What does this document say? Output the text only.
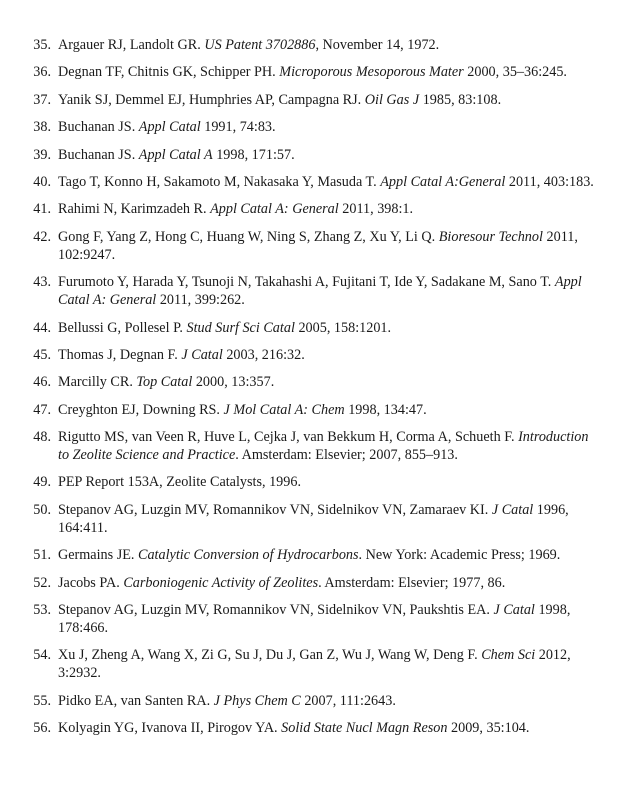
35. Argauer RJ, Landolt GR. US Patent 3702886, November 14, 1972.
36. Degnan TF, Chitnis GK, Schipper PH. Microporous Mesoporous Mater 2000, 35–36:245.
37. Yanik SJ, Demmel EJ, Humphries AP, Campagna RJ. Oil Gas J 1985, 83:108.
38. Buchanan JS. Appl Catal 1991, 74:83.
39. Buchanan JS. Appl Catal A 1998, 171:57.
40. Tago T, Konno H, Sakamoto M, Nakasaka Y, Masuda T. Appl Catal A:General 2011, 403:183.
41. Rahimi N, Karimzadeh R. Appl Catal A: General 2011, 398:1.
42. Gong F, Yang Z, Hong C, Huang W, Ning S, Zhang Z, Xu Y, Li Q. Bioresour Technol 2011, 102:9247.
43. Furumoto Y, Harada Y, Tsunoji N, Takahashi A, Fujitani T, Ide Y, Sadakane M, Sano T. Appl Catal A: General 2011, 399:262.
44. Bellussi G, Pollesel P. Stud Surf Sci Catal 2005, 158:1201.
45. Thomas J, Degnan F. J Catal 2003, 216:32.
46. Marcilly CR. Top Catal 2000, 13:357.
47. Creyghton EJ, Downing RS. J Mol Catal A: Chem 1998, 134:47.
48. Rigutto MS, van Veen R, Huve L, Cejka J, van Bekkum H, Corma A, Schueth F. Introduction to Zeolite Science and Practice. Amsterdam: Elsevier; 2007, 855–913.
49. PEP Report 153A, Zeolite Catalysts, 1996.
50. Stepanov AG, Luzgin MV, Romannikov VN, Sidelnikov VN, Zamaraev KI. J Catal 1996, 164:411.
51. Germains JE. Catalytic Conversion of Hydrocarbons. New York: Academic Press; 1969.
52. Jacobs PA. Carboniogenic Activity of Zeolites. Amsterdam: Elsevier; 1977, 86.
53. Stepanov AG, Luzgin MV, Romannikov VN, Sidelnikov VN, Paukshtis EA. J Catal 1998, 178:466.
54. Xu J, Zheng A, Wang X, Zi G, Su J, Du J, Gan Z, Wu J, Wang W, Deng F. Chem Sci 2012, 3:2932.
55. Pidko EA, van Santen RA. J Phys Chem C 2007, 111:2643.
56. Kolyagin YG, Ivanova II, Pirogov YA. Solid State Nucl Magn Reson 2009, 35:104.
